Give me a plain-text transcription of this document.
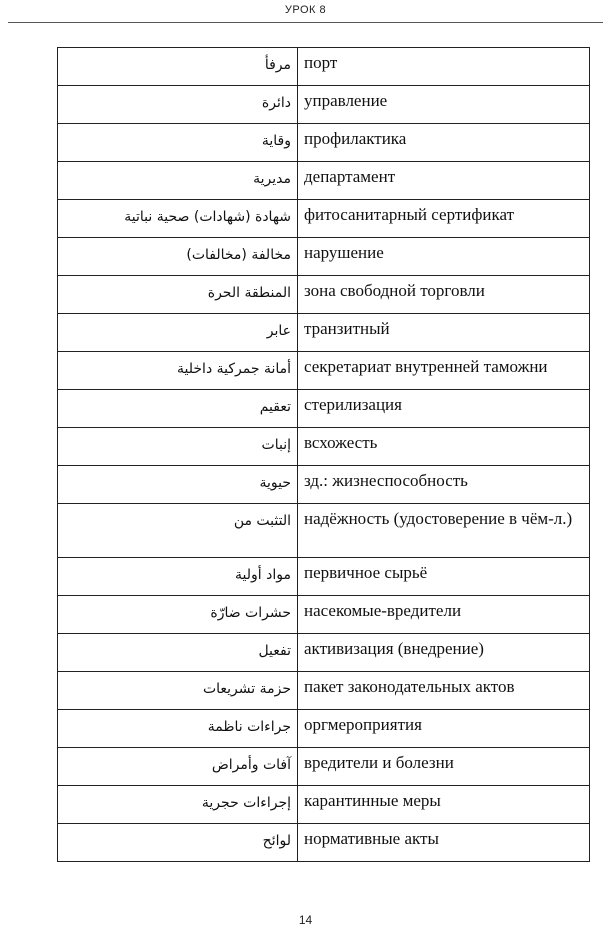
УРОК 8
مرفأ	порт
دائرة	управление
وقاية	профилактика
مديرية	департамент
شهادة (شهادات) صحية نباتية	фитосанитарный сертификат
مخالفة (مخالفات)	нарушение
المنطقة الحرة	зона свободной торговли
عابر	транзитный
أمانة جمركية داخلية	секретариат внутренней таможни
تعقيم	стерилизация
إنبات	всхожесть
حيوية	зд.: жизнеспособность
التثبت من	надёжность (удостоверение в чём-л.)
مواد أولية	первичное сырьё
حشرات ضارّة	насекомые-вредители
تفعيل	активизация (внедрение)
حزمة تشريعات	пакет законодательных актов
جراءات ناظمة	оргмероприятия
آفات وأمراض	вредители и болезни
إجراءات حجرية	карантинные меры
لوائح	нормативные акты
14
